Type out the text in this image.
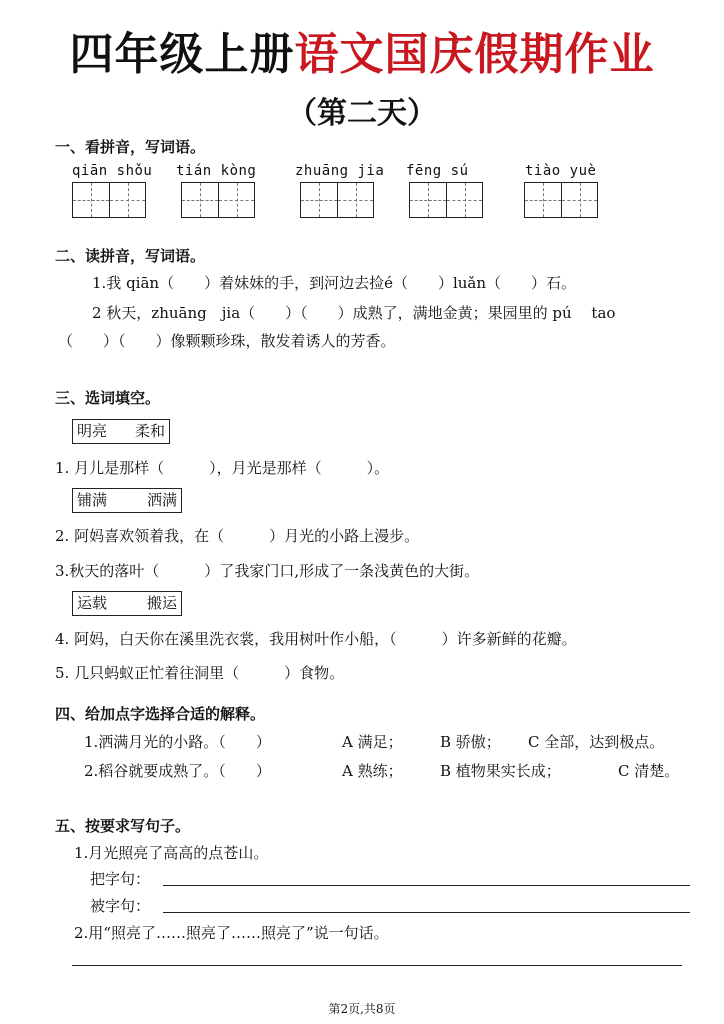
四年级上册语文国庆假期作业
（第二天）
一、看拼音，写词语。
qiān shǒu tián kòng	zhuāng jia fēng sú	tiào yuè
二、读拼音，写词语。
1.我 qiān（　　）着妹妹的手，到河边去捡é（　　）luǎn（　　）石。
2 秋天，zhuāng　jia（　　）（　　）成熟了，满地金黄；果园里的 pú　 tao
（　　）（　　）像颗颗珍珠，散发着诱人的芳香。
三、选词填空。
明亮 柔和
1. 月儿是那样（　　　），月光是那样（　　　）。
铺满	洒满
2. 阿妈喜欢领着我，在（　　　）月光的小路上漫步。
3.秋天的落叶（　　　）了我家门口,形成了一条浅黄色的大街。
运载	搬运
4. 阿妈，白天你在溪里洗衣裳，我用树叶作小船，（　　　）许多新鲜的花瓣。
5. 几只蚂蚁正忙着往洞里（　　　）食物。
四、给加点字选择合适的解释。
1.洒满月光的小路。（　　）	A 满足； B 骄傲； C 全部，达到极点。
2.稻谷就要成熟了。（　　）	A 熟练； B 植物果实长成；	C 清楚。
五、按要求写句子。
1.月光照亮了高高的点苍山。
把字句：
被字句：
2.用“照亮了……照亮了……照亮了”说一句话。
第2页,共8页
